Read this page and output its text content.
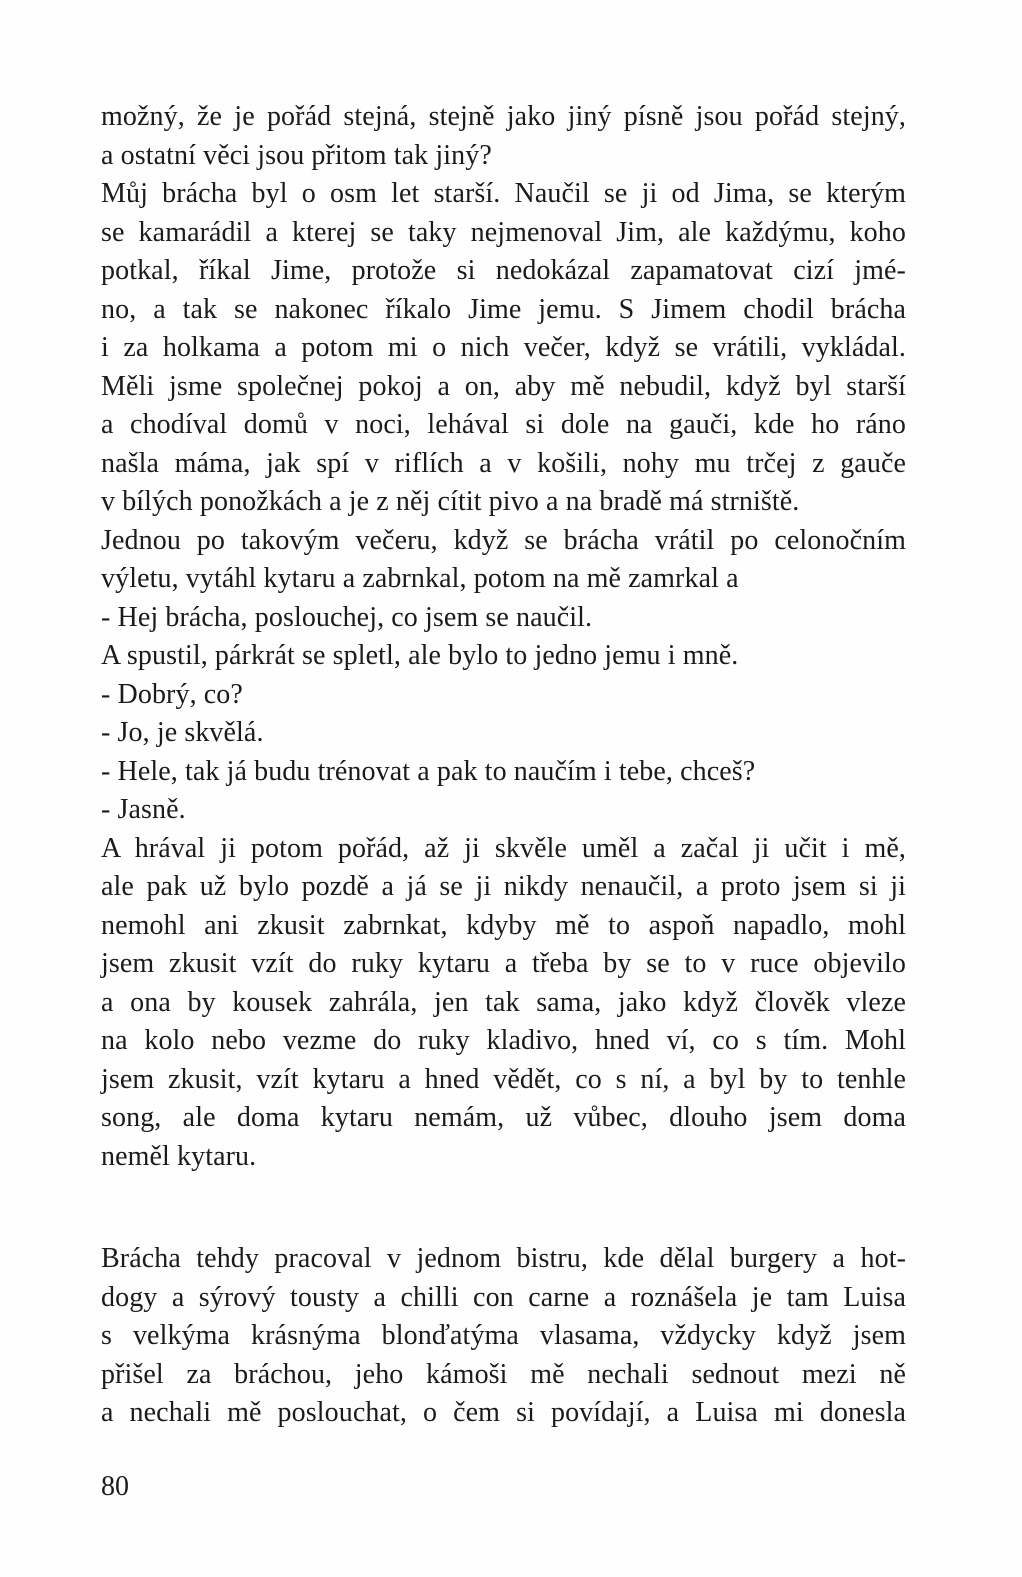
možný, že je pořád stejná, stejně jako jiný písně jsou pořád stejný,

a ostatní věci jsou přitom tak jiný?

Můj brácha byl o osm let starší. Naučil se ji od Jima, se kterým

se kamarádil a kterej se taky nejmenoval Jim, ale každýmu, koho

potkal, říkal Jime, protože si nedokázal zapamatovat cizí jmé-

no, a tak se nakonec říkalo Jime jemu. S Jimem chodil brácha

i za holkama a potom mi o nich večer, když se vrátili, vykládal.

Měli jsme společnej pokoj a on, aby mě nebudil, když byl starší

a chodíval domů v noci, lehával si dole na gauči, kde ho ráno

našla máma, jak spí v riflích a v košili, nohy mu trčej z gauče

v bílých ponožkách a je z něj cítit pivo a na bradě má strniště.

Jednou po takovým večeru, když se brácha vrátil po celonočním

výletu, vytáhl kytaru a zabrnkal, potom na mě zamrkal a

- Hej brácha, poslouchej, co jsem se naučil.

A spustil, párkrát se spletl, ale bylo to jedno jemu i mně.

- Dobrý, co?

- Jo, je skvělá.

- Hele, tak já budu trénovat a pak to naučím i tebe, chceš?

- Jasně.

A hrával ji potom pořád, až ji skvěle uměl a začal ji učit i mě,

ale pak už bylo pozdě a já se ji nikdy nenaučil, a proto jsem si ji

nemohl ani zkusit zabrnkat, kdyby mě to aspoň napadlo, mohl

jsem zkusit vzít do ruky kytaru a třeba by se to v ruce objevilo

a ona by kousek zahrála, jen tak sama, jako když člověk vleze

na kolo nebo vezme do ruky kladivo, hned ví, co s tím. Mohl

jsem zkusit, vzít kytaru a hned vědět, co s ní, a byl by to tenhle

song, ale doma kytaru nemám, už vůbec, dlouho jsem doma

neměl kytaru.

Brácha tehdy pracoval v jednom bistru, kde dělal burgery a hot-

dogy a sýrový tousty a chilli con carne a roznášela je tam Luisa

s velkýma krásnýma blonďatýma vlasama, vždycky když jsem

přišel za bráchou, jeho kámoši mě nechali sednout mezi ně

a nechali mě poslouchat, o čem si povídají, a Luisa mi donesla

80
